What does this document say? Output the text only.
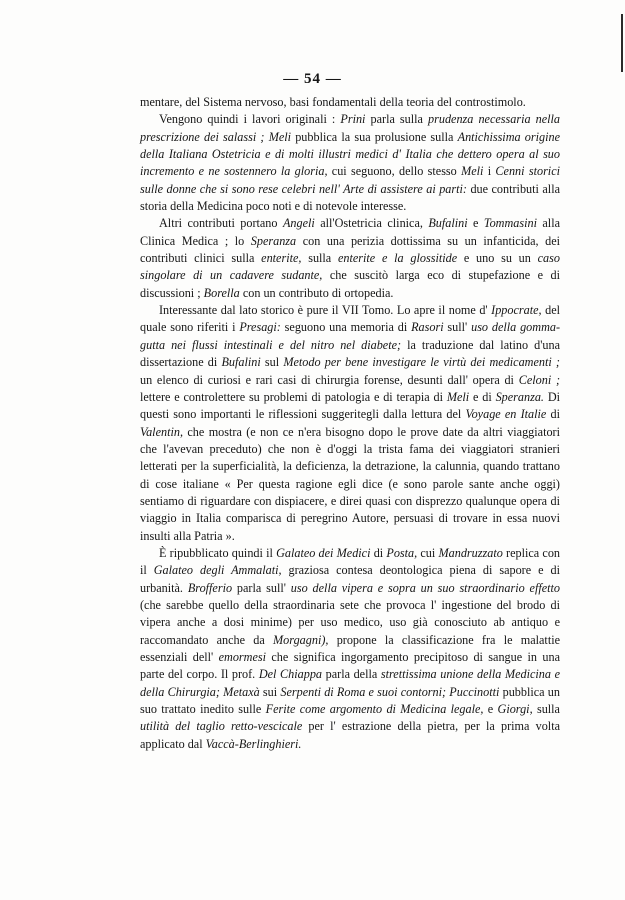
— 54 —

mentare, del Sistema nervoso, basi fondamentali della teoria del controstimolo.

Vengono quindi i lavori originali : Prini parla sulla prudenza necessaria nella prescrizione dei salassi ; Meli pubblica la sua prolusione sulla Antichissima origine della Italiana Ostetricia e di molti illustri medici d' Italia che dettero opera al suo incremento e ne sostennero la gloria, cui seguono, dello stesso Meli i Cenni storici sulle donne che si sono rese celebri nell' Arte di assistere ai parti: due contributi alla storia della Medicina poco noti e di notevole interesse.

Altri contributi portano Angeli all'Ostetricia clinica, Bufalini e Tommasini alla Clinica Medica ; lo Speranza con una perizia dottissima su un infanticida, dei contributi clinici sulla enterite, sulla enterite e la glossitide e uno su un caso singolare di un cadavere sudante, che suscitò larga eco di stupefazione e di discussioni ; Borella con un contributo di ortopedia.

Interessante dal lato storico è pure il VII Tomo. Lo apre il nome d' Ippocrate, del quale sono riferiti i Presagi: seguono una memoria di Rasori sull' uso della gomma-gutta nei flussi intestinali e del nitro nel diabete; la traduzione dal latino d'una dissertazione di Bufalini sul Metodo per bene investigare le virtù dei medicamenti ; un elenco di curiosi e rari casi di chirurgia forense, desunti dall' opera di Celoni ; lettere e controlettere su problemi di patologia e di terapia di Meli e di Speranza. Di questi sono importanti le riflessioni suggeritegli dalla lettura del Voyage en Italie di Valentin, che mostra (e non ce n'era bisogno dopo le prove date da altri viaggiatori che l'avevan preceduto) che non è d'oggi la trista fama dei viaggiatori stranieri letterati per la superficialità, la deficienza, la detrazione, la calunnia, quando trattano di cose italiane « Per questa ragione egli dice (e sono parole sante anche oggi) sentiamo di riguardare con dispiacere, e direi quasi con disprezzo qualunque opera di viaggio in Italia comparisca di peregrino Autore, persuasi di trovare in essa nuovi insulti alla Patria ».

È ripubblicato quindi il Galateo dei Medici di Posta, cui Mandruzzato replica con il Galateo degli Ammalati, graziosa contesa deontologica piena di sapore e di urbanità. Brofferio parla sull' uso della vipera e sopra un suo straordinario effetto (che sarebbe quello della straordinaria sete che provoca l' ingestione del brodo di vipera anche a dosi minime) per uso medico, uso già conosciuto ab antiquo e raccomandato anche da Morgagni), propone la classificazione fra le malattie essenziali dell' emormesi che significa ingorgamento precipitoso di sangue in una parte del corpo. Il prof. Del Chiappa parla della strettissima unione della Medicina e della Chirurgia; Metaxà sui Serpenti di Roma e suoi contorni; Puccinotti pubblica un suo trattato inedito sulle Ferite come argomento di Medicina legale, e Giorgi, sulla utilità del taglio retto-vescicale per l' estrazione della pietra, per la prima volta applicato dal Vaccà-Berlinghieri.
